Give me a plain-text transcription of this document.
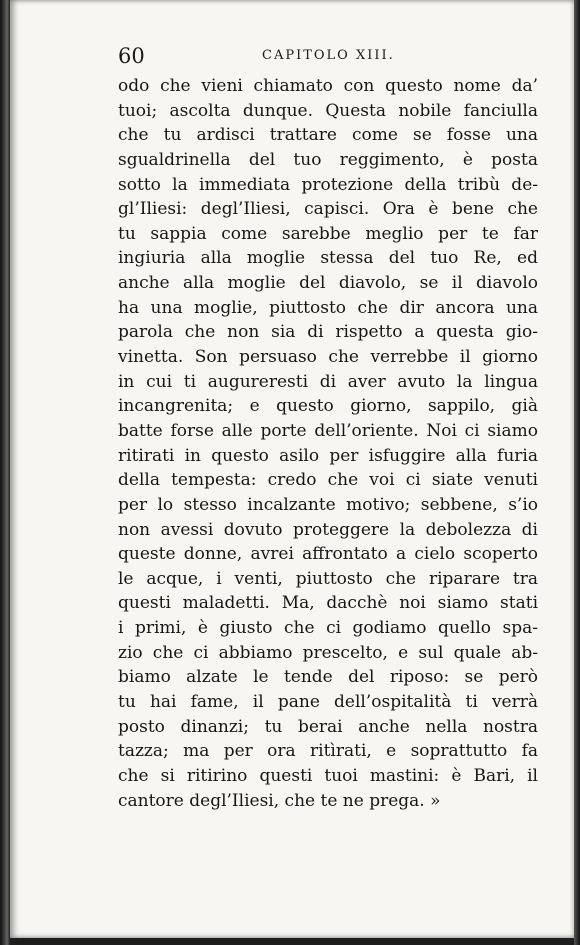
60	CAPITOLO XIII.
odo che vieni chiamato con questo nome da’
tuoi; ascolta dunque. Questa nobile fanciulla
che tu ardisci trattare come se fosse una
sgualdrinella del tuo reggimento, è posta
sotto la immediata protezione della tribù de-
gl’Iliesi: degl’Iliesi, capisci. Ora è bene che
tu sappia come sarebbe meglio per te far
ingiuria alla moglie stessa del tuo Re, ed
anche alla moglie del diavolo, se il diavolo
ha una moglie, piuttosto che dir ancora una
parola che non sia di rispetto a questa gio-
vinetta. Son persuaso che verrebbe il giorno
in cui ti augureresti di aver avuto la lingua
incangrenita; e questo giorno, sappilo, già
batte forse alle porte dell’oriente. Noi ci siamo
ritirati in questo asilo per isfuggire alla furia
della tempesta: credo che voi ci siate venuti
per lo stesso incalzante motivo; sebbene, s’io
non avessi dovuto proteggere la debolezza di
queste donne, avrei affrontato a cielo scoperto
le acque, i venti, piuttosto che riparare tra
questi maladetti. Ma, dacchè noi siamo stati
i primi, è giusto che ci godiamo quello spa-
zio che ci abbiamo prescelto, e sul quale ab-
biamo alzate le tende del riposo: se però
tu hai fame, il pane dell’ospitalità ti verrà
posto dinanzi; tu berai anche nella nostra
tazza; ma per ora ritìrati, e soprattutto fa
che si ritirino questi tuoi mastini: è Bari, il
cantore degl’Iliesi, che te ne prega. »
